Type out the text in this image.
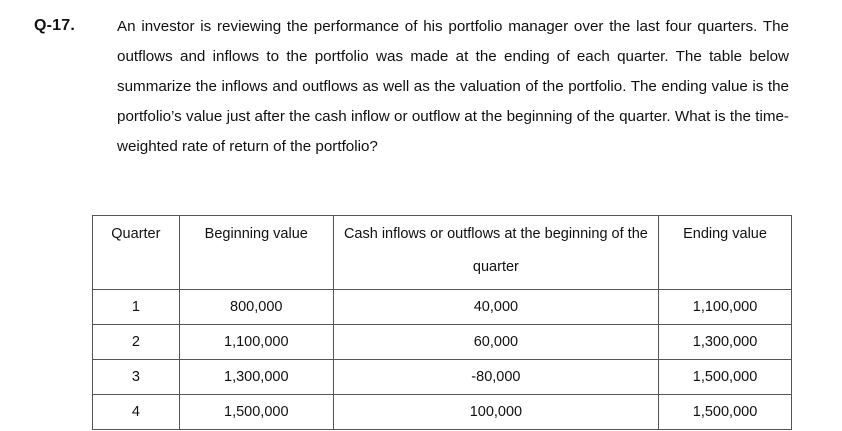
Q-17.	An investor is reviewing the performance of his portfolio manager over the last four quarters. The outflows and inflows to the portfolio was made at the ending of each quarter. The table below summarize the inflows and outflows as well as the valuation of the portfolio. The ending value is the portfolio’s value just after the cash inflow or outflow at the beginning of the quarter. What is the time-weighted rate of return of the portfolio?

Quarter	Beginning value	Cash inflows or outflows at the beginning of the quarter	Ending value
1	800,000	40,000	1,100,000
2	1,100,000	60,000	1,300,000
3	1,300,000	-80,000	1,500,000
4	1,500,000	100,000	1,500,000
